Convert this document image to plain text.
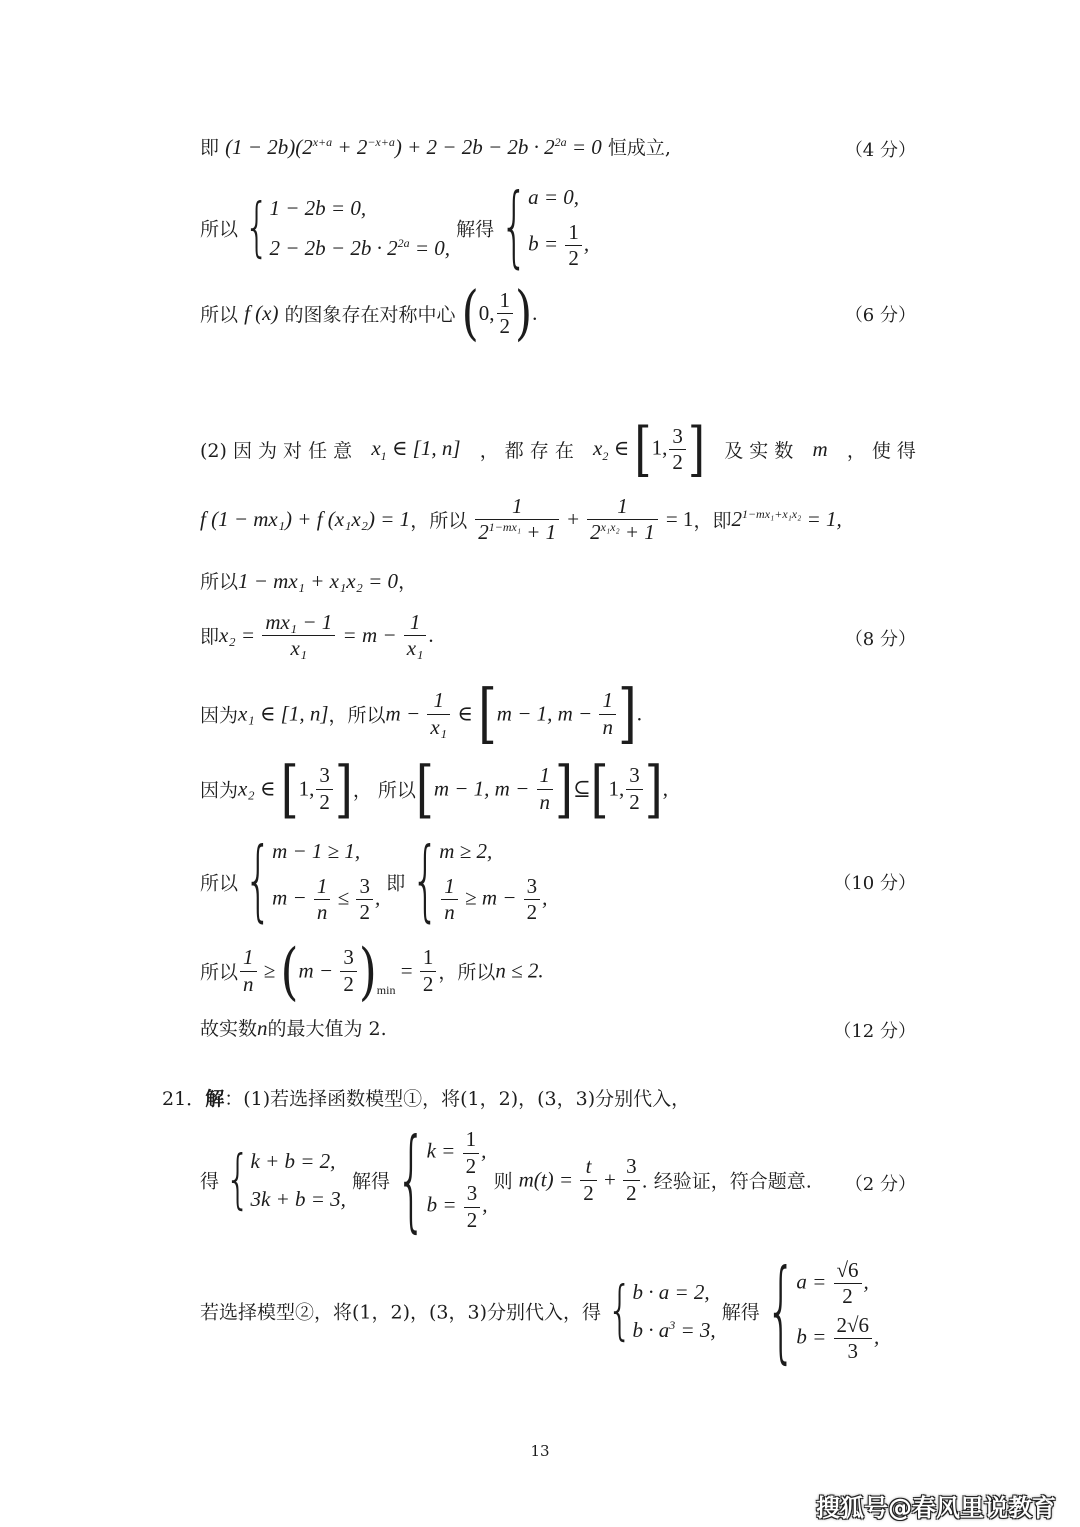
即 $(1 - 2b)(2^{x+a} + 2^{-x+a}) + 2 - 2b - 2b \cdot 2^{2a} = 0$ 恒成立,	（4 分）
所以 { 1 − 2b = 0,
$2 - 2b - 2b \cdot 2^{2a} = 0$,
解得 { a = 0,
$b = \frac{1}{2}$ ,
所以 f (x) 的图象存在对称中心 (0, $\frac{1}{2}$ ).	（6 分）
(2) 因 为 对 任 意 $x_1$ ∈ [1, n] ， 都 存 在 $x_2$ ∈ [1, $\frac{3}{2}$ ] 及 实 数 m ， 使 得
f (1 − mx₁) + f (x₁x₂) = 1，所以 $\frac{1}{2^{1-mx_1} + 1} + \frac{1}{2^{x_1x_2} + 1} = 1$，即$2^{1-mx_1+x_1x_2} = 1$,
所以1 − mx₁ + x₁x₂ = 0，
即$x_2 = \frac{\text{mx₁ − 1}}{\text{x₁}} = m - \frac{1}{\text{x₁}}$ .	（8 分）
因为x₁ ∈ [1, n]，所以$m - \frac{1}{\text{x₁}}$ ∈ [m − 1, $m - \frac{1}{n}$ ].
因为x₂ ∈ [1, $\frac{3}{2}$ ]， 所以[m − 1, $m - \frac{1}{n}$ ]⊆[1, $\frac{3}{2}$ ],
所以 { m − 1 ≥ 1,
$m - \frac{1}{n} \le \frac{3}{2}$ ,
即 { m ≥ 2,
$\frac{1}{n} \ge m - \frac{3}{2}$ ,
（10 分）
所以 $\frac{1}{n} \ge (m - \frac{3}{2} )\min = \frac{1}{2}$ ，所以n ≤ 2.
故实数n的最大值为 2.	（12 分）
21．解：(1)若选择函数模型①，将(1，2)，(3，3)分别代入，
得 { k + b = 2,
3k + b = 3,
解得 { $k = \frac{1}{2}$ ,
$b = \frac{3}{2}$ ,
则 $m(t) = \frac{t}{2} + \frac{3}{2}$ . 经验证，符合题意. （2 分）
若选择模型②，将(1，2)，(3，3)分别代入，得 { b · a = 2,
$b \cdot a^3 = 3$,
解得 { $a = \frac{√6}{2}$ ,
$b = \frac{2√6}{3}$ ,
13
搜狐号@春风里说教育
